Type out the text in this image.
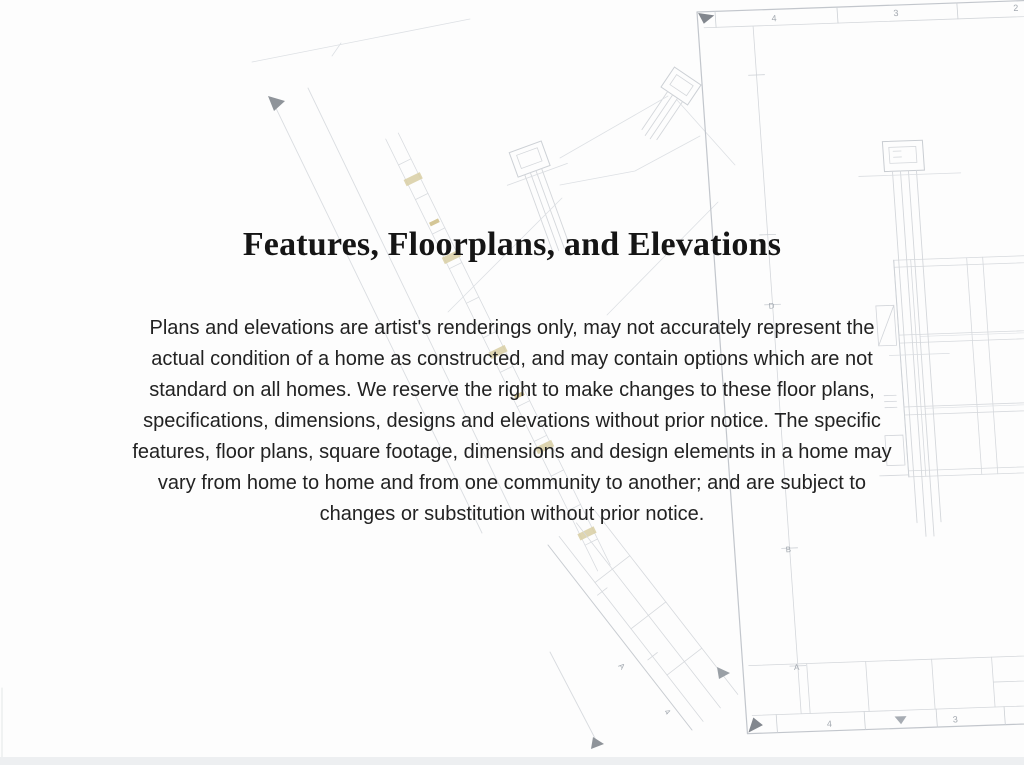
A
4
4
3
2
D
B
A
4	3
Features, Floorplans, and Elevations
Plans and elevations are artist's renderings only, may not accurately represent the
actual condition of a home as constructed, and may contain options which are not
standard on all homes. We reserve the right to make changes to these floor plans,
specifications, dimensions, designs and elevations without prior notice. The specific
features, floor plans, square footage, dimensions and design elements in a home may
vary from home to home and from one community to another; and are subject to
changes or substitution without prior notice.
